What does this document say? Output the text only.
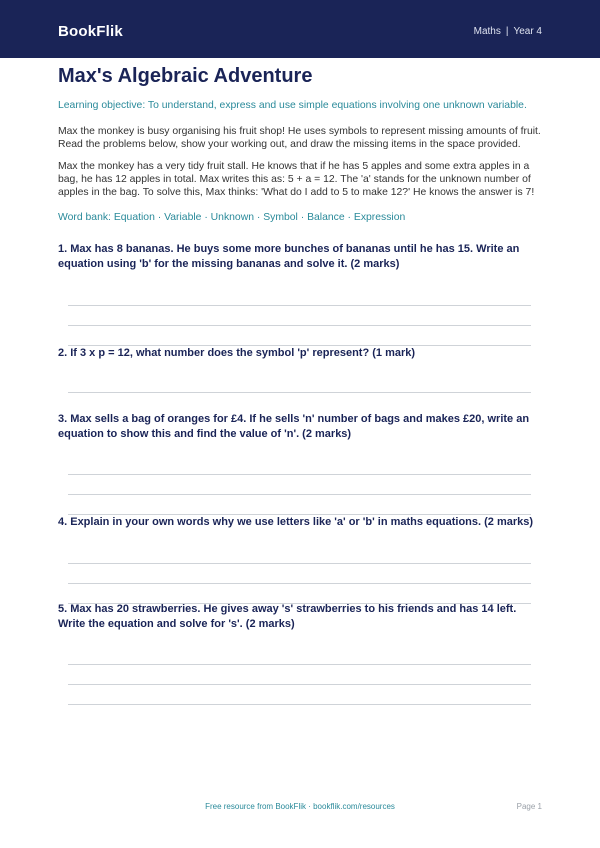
BookFlik	Maths | Year 4
Max's Algebraic Adventure
Learning objective: To understand, express and use simple equations involving one unknown variable.
Max the monkey is busy organising his fruit shop! He uses symbols to represent missing amounts of fruit. Read the problems below, show your working out, and draw the missing items in the space provided.
Max the monkey has a very tidy fruit stall. He knows that if he has 5 apples and some extra apples in a bag, he has 12 apples in total. Max writes this as: 5 + a = 12. The 'a' stands for the unknown number of apples in the bag. To solve this, Max thinks: 'What do I add to 5 to make 12?' He knows the answer is 7!
Word bank: Equation · Variable · Unknown · Symbol · Balance · Expression
1. Max has 8 bananas. He buys some more bunches of bananas until he has 15. Write an equation using 'b' for the missing bananas and solve it. (2 marks)
2. If 3 x p = 12, what number does the symbol 'p' represent? (1 mark)
3. Max sells a bag of oranges for £4. If he sells 'n' number of bags and makes £20, write an equation to show this and find the value of 'n'. (2 marks)
4. Explain in your own words why we use letters like 'a' or 'b' in maths equations. (2 marks)
5. Max has 20 strawberries. He gives away 's' strawberries to his friends and has 14 left. Write the equation and solve for 's'. (2 marks)
Free resource from BookFlik · bookflik.com/resources	Page 1
